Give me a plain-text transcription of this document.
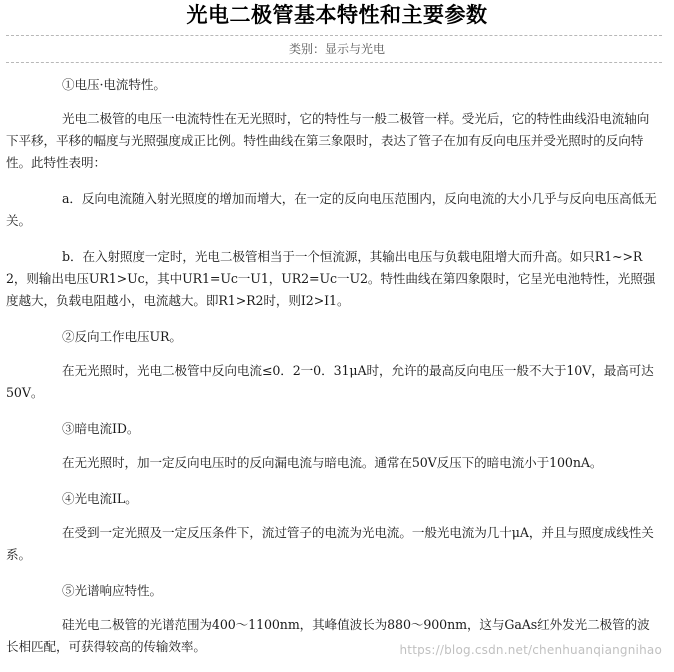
光电二极管基本特性和主要参数
类别：显示与光电

①电压·电流特性。

光电二极管的电压一电流特性在无光照时，它的特性与一般二极管一样。受光后，它的特性曲线沿电流轴向下平移，平移的幅度与光照强度成正比例。特性曲线在第三象限时，表达了管子在加有反向电压并受光照时的反向特性。此特性表明：

a．反向电流随入射光照度的增加而增大，在一定的反向电压范围内，反向电流的大小几乎与反向电压高低无关。

b．在入射照度一定时，光电二极管相当于一个恒流源，其输出电压与负载电阻增大而升高。如只R1~>R2，则输出电压UR1>Uc，其中UR1=Uc一U1，UR2=Uc一U2。特性曲线在第四象限时，它呈光电池特性，光照强度越大，负载电阻越小，电流越大。即R1>R2时，则I2>I1。

②反向工作电压UR。

在无光照时，光电二极管中反向电流≤0．2一0．31μA时，允许的最高反向电压一般不大于10V，最高可达50V。

③暗电流ID。

在无光照时，加一定反向电压时的反向漏电流与暗电流。通常在50V反压下的暗电流小于100nA。

④光电流IL。

在受到一定光照及一定反压条件下，流过管子的电流为光电流。一般光电流为几十μA，并且与照度成线性关系。

⑤光谱响应特性。

硅光电二极管的光谱范围为400～1100nm，其峰值波长为880～900nm，这与GaAs红外发光二极管的波长相匹配，可获得较高的传输效率。	https://blog.csdn.net/chenhuanqiangnihao
